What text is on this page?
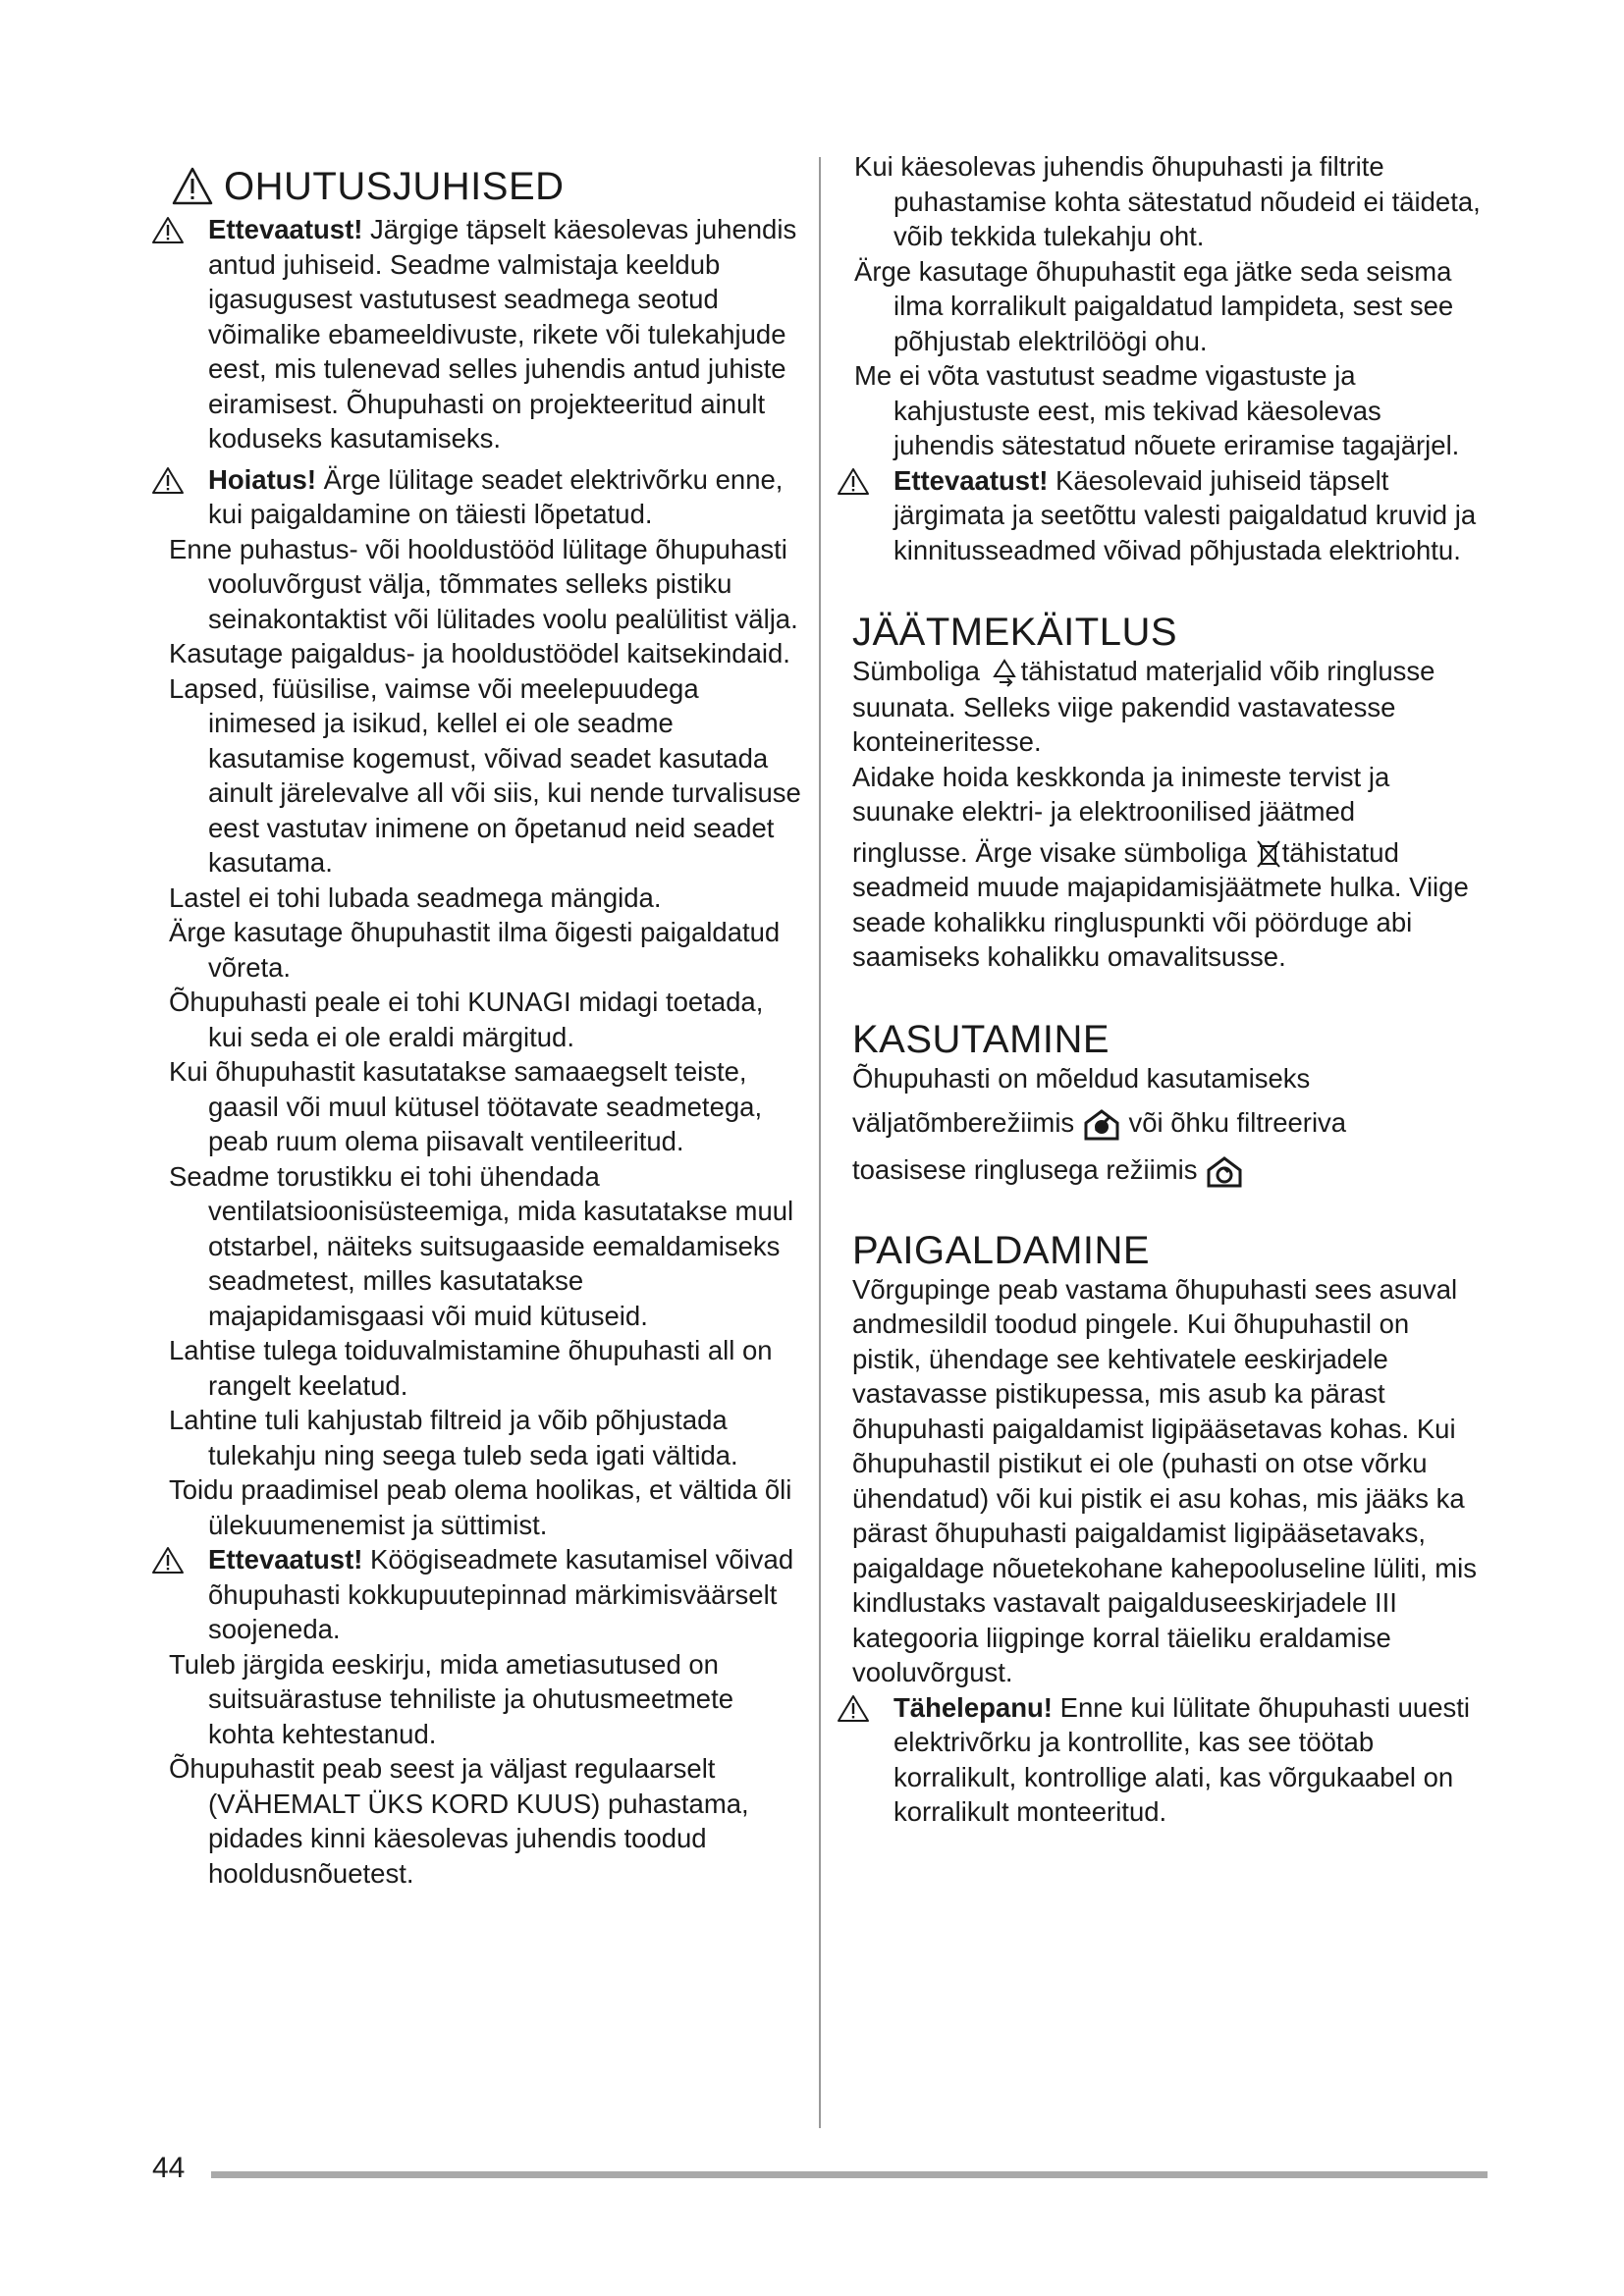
OHUTUSJUHISED

Ettevaatust! Järgige täpselt käesolevas juhendis antud juhiseid. Seadme valmistaja keeldub igasugusest vastutusest seadmega seotud võimalike ebameeldivuste, rikete või tulekahjude eest, mis tulenevad selles juhendis antud juhiste eiramisest. Õhupuhasti on projekteeritud ainult koduseks kasutamiseks.

Hoiatus! Ärge lülitage seadet elektrivõrku enne, kui paigaldamine on täiesti lõpetatud.

Enne puhastus- või hooldustööd lülitage õhupuhasti vooluvõrgust välja, tõmmates selleks pistiku seinakontaktist või lülitades voolu pealülitist välja.

Kasutage paigaldus- ja hooldustöödel kaitsekindaid.

Lapsed, füüsilise, vaimse või meelepuudega inimesed ja isikud, kellel ei ole seadme kasutamise kogemust, võivad seadet kasutada ainult järelevalve all või siis, kui nende turvalisuse eest vastutav inimene on õpetanud neid seadet kasutama.

Lastel ei tohi lubada seadmega mängida.

Ärge kasutage õhupuhastit ilma õigesti paigaldatud võreta.

Õhupuhasti peale ei tohi KUNAGI midagi toetada, kui seda ei ole eraldi märgitud.

Kui õhupuhastit kasutatakse samaaegselt teiste, gaasil või muul kütusel töötavate seadmetega, peab ruum olema piisavalt ventileeritud.

Seadme torustikku ei tohi ühendada ventilatsioonisüsteemiga, mida kasutatakse muul otstarbel, näiteks suitsugaaside eemaldamiseks seadmetest, milles kasutatakse majapidamisgaasi või muid kütuseid.

Lahtise tulega toiduvalmistamine õhupuhasti all on rangelt keelatud.

Lahtine tuli kahjustab filtreid ja võib põhjustada tulekahju ning seega tuleb seda igati vältida.

Toidu praadimisel peab olema hoolikas, et vältida õli ülekuumenemist ja süttimist.

Ettevaatust! Köögiseadmete kasutamisel võivad õhupuhasti kokkupuutepinnad märkimisväärselt soojeneda.

Tuleb järgida eeskirju, mida ametiasutused on suitsuärastuse tehniliste ja ohutusmeetmete kohta kehtestanud.

Õhupuhastit peab seest ja väljast regulaarselt (VÄHEMALT ÜKS KORD KUUS) puhastama, pidades kinni käesolevas juhendis toodud hooldusnõuetest.

Kui käesolevas juhendis õhupuhasti ja filtrite puhastamise kohta sätestatud nõudeid ei täideta, võib tekkida tulekahju oht.

Ärge kasutage õhupuhastit ega jätke seda seisma ilma korralikult paigaldatud lampideta, sest see põhjustab elektrilöögi ohu.

Me ei võta vastutust seadme vigastuste ja kahjustuste eest, mis tekivad käesolevas juhendis sätestatud nõuete eriramise tagajärjel.

Ettevaatust! Käesolevaid juhiseid täpselt järgimata ja seetõttu valesti paigaldatud kruvid ja kinnitusseadmed võivad põhjustada elektriohtu.

JÄÄTMEKÄITLUS

Sümboliga tähistatud materjalid võib ringlusse suunata. Selleks viige pakendid vastavatesse konteineritesse.

Aidake hoida keskkonda ja inimeste tervist ja suunake elektri- ja elektroonilised jäätmed

ringlusse. Ärge visake sümboliga tähistatud seadmeid muude majapidamisjäätmete hulka. Viige seade kohalikku ringluspunkti või pöörduge abi saamiseks kohalikku omavalitsusse.

KASUTAMINE

Õhupuhasti on mõeldud kasutamiseks

väljatõmberežiimis  või õhku filtreeriva

toasisese ringlusega režiimis

PAIGALDAMINE

Võrgupinge peab vastama õhupuhasti sees asuval andmesildil toodud pingele. Kui õhupuhastil on pistik, ühendage see kehtivatele eeskirjadele vastavasse pistikupessa, mis asub ka pärast õhupuhasti paigaldamist ligipääsetavas kohas. Kui õhupuhastil pistikut ei ole (puhasti on otse võrku ühendatud) või kui pistik ei asu kohas, mis jääks ka pärast õhupuhasti paigaldamist ligipääsetavaks, paigaldage nõuetekohane kahepooluseline lüliti, mis kindlustaks vastavalt paigalduseeskirjadele III kategooria liigpinge korral täieliku eraldamise vooluvõrgust.

Tähelepanu! Enne kui lülitate õhupuhasti uuesti elektrivõrku ja kontrollite, kas see töötab korralikult, kontrollige alati, kas võrgukaabel on korralikult monteeritud.

44
